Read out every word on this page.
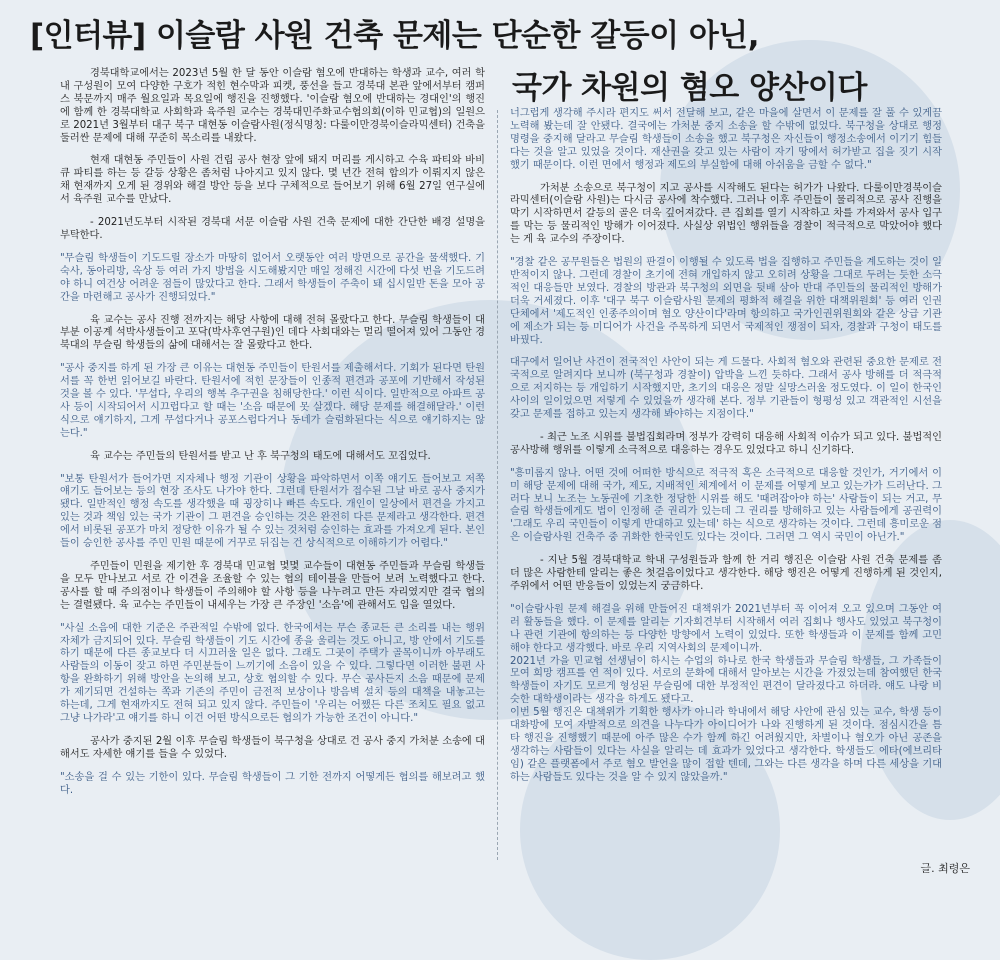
[인터뷰] 이슬람 사원 건축 문제는 단순한 갈등이 아닌,
국가 차원의 혐오 양산이다

경북대학교에서는 2023년 5월 한 달 동안 이슬람 혐오에 반대하는 학생과 교수, 여러 학내 구성원이 모여 다양한 구호가 적힌 현수막과 피켓, 풍선을 들고 경북대 본관 앞에서부터 캠퍼스 북문까지 매주 월요일과 목요일에 행진을 진행했다. '이슬람 혐오에 반대하는 경대인'의 행진에 함께 한 경북대학교 사회학과 육주원 교수는 경북대민주화교수협의회(이하 민교협)의 일원으로 2021년 3월부터 대구 북구 대현동 이슬람사원(정식명칭: 다룰이만경북이슬라믹센터) 건축을 둘러싼 문제에 대해 꾸준히 목소리를 내왔다.

현재 대현동 주민들이 사원 건립 공사 현장 앞에 돼지 머리를 게시하고 수육 파티와 바비큐 파티를 하는 등 갈등 상황은 좀처럼 나아지고 있지 않다. 몇 년간 전혀 합의가 이뤄지지 않은 채 현재까지 오게 된 경위와 해결 방안 등을 보다 구체적으로 들어보기 위해 6월 27일 연구실에서 육주원 교수를 만났다.

- 2021년도부터 시작된 경북대 서문 이슬람 사원 건축 문제에 대한 간단한 배경 설명을 부탁한다.

"무슬림 학생들이 기도드릴 장소가 마땅히 없어서 오랫동안 여러 방면으로 공간을 물색했다. 기숙사, 동아리방, 옥상 등 여러 가지 방법을 시도해봤지만 매일 정해진 시간에 다섯 번을 기도드려야 하니 여건상 어려운 점들이 많았다고 한다. 그래서 학생들이 주축이 돼 십시일반 돈을 모아 공간을 마련해고 공사가 진행되었다."

육 교수는 공사 진행 전까지는 해당 사항에 대해 전혀 몰랐다고 한다. 무슬림 학생들이 대부분 이공계 석박사생들이고 포닥(박사후연구원)인 데다 사회대와는 멀리 떨어져 있어 그동안 경북대의 무슬림 학생들의 삶에 대해서는 잘 몰랐다고 한다.

"공사 중지를 하게 된 가장 큰 이유는 대현동 주민들이 탄원서를 제출해서다. 기회가 된다면 탄원서를 꼭 한번 읽어보길 바란다. 탄원서에 적힌 문장들이 인종적 편견과 공포에 기반해서 작성된 것을 볼 수 있다. '무섭다, 우리의 행복 추구권을 침해당한다.' 이런 식이다. 일반적으로 아파트 공사 등이 시작되어서 시끄럽다고 할 때는 '소음 때문에 못 살겠다. 해당 문제를 해결해달라.' 이런 식으로 얘기하지, 그게 무섭다거나 공포스럽다거나 동네가 슬럼화된다는 식으로 얘기하지는 않는다."

육 교수는 주민들의 탄원서를 받고 난 후 북구청의 태도에 대해서도 꼬집었다.

"보통 탄원서가 들어가면 지자체나 행정 기관이 상황을 파악하면서 이쪽 얘기도 들어보고 저쪽 얘기도 들어보는 등의 현장 조사도 나가야 한다. 그런데 탄원서가 접수된 그날 바로 공사 중지가 됐다. 일반적인 행정 속도를 생각했을 때 굉장히나 빠른 속도다. 개인이 일상에서 편견을 가지고 있는 것과 책임 있는 국가 기관이 그 편견을 승인하는 것은 완전히 다른 문제라고 생각한다. 편견에서 비롯된 공포가 마치 정당한 이유가 될 수 있는 것처럼 승인하는 효과를 가져오게 된다. 본인들이 승인한 공사를 주민 민원 때문에 거꾸로 뒤집는 건 상식적으로 이해하기가 어렵다."

주민들이 민원을 제기한 후 경북대 민교협 몇몇 교수들이 대현동 주민들과 무슬림 학생들을 모두 만나보고 서로 간 이견을 조율할 수 있는 협의 테이블을 만들어 보려 노력했다고 한다. 공사를 할 때 주의점이나 학생들이 주의해야 할 사항 등을 나누려고 만든 자리였지만 결국 협의는 결렬됐다. 육 교수는 주민들이 내세우는 가장 큰 주장인 '소음'에 관해서도 입을 열었다.

"사실 소음에 대한 기준은 주관적일 수밖에 없다. 한국에서는 무슨 종교든 큰 소리를 내는 행위 자체가 금지되어 있다. 무슬림 학생들이 기도 시간에 종을 울리는 것도 아니고, 방 안에서 기도를 하기 때문에 다른 종교보다 더 시끄러울 일은 없다. 그래도 그곳이 주택가 골목이니까 아무래도 사람들의 이동이 잦고 하면 주민분들이 느끼기에 소음이 있을 수 있다. 그렇다면 이러한 불편 사항을 완화하기 위해 방안을 논의해 보고, 상호 협의할 수 있다. 무슨 공사든지 소음 때문에 문제가 제기되면 건설하는 쪽과 기존의 주민이 금전적 보상이나 방음벽 설치 등의 대책을 내놓고는 하는데, 그게 현재까지도 전혀 되고 있지 않다. 주민들이 '우리는 어쨌든 다른 조치도 필요 없고 그냥 나가라'고 얘기를 하니 이건 어떤 방식으로든 협의가 가능한 조건이 아니다."

공사가 중지된 2월 이후 무슬림 학생들이 북구청을 상대로 건 공사 중지 가처분 소송에 대해서도 자세한 얘기를 들을 수 있었다.

"소송을 걸 수 있는 기한이 있다. 무슬림 학생들이 그 기한 전까지 어떻게든 협의를 해보려고 했다.

너그럽게 생각해 주시라 편지도 써서 전달해 보고, 같은 마을에 살면서 이 문제를 잘 풀 수 있게끔 노력해 봤는데 잘 안됐다. 결국에는 가처분 중지 소송을 할 수밖에 없었다. 북구청을 상대로 행정명령을 중지해 달라고 무슬림 학생들이 소송을 했고 북구청은 자신들이 행정소송에서 이기기 힘들다는 것을 알고 있었을 것이다. 재산권을 갖고 있는 사람이 자기 땅에서 허가받고 집을 짓기 시작했기 때문이다. 이런 면에서 행정과 제도의 부실함에 대해 아쉬움을 금할 수 없다."

가처분 소송으로 북구청이 지고 공사를 시작해도 된다는 허가가 나왔다. 다룰이만경북이슬라믹센터(이슬람 사원)는 다시금 공사에 착수했다. 그러나 이후 주민들이 물리적으로 공사 진행을 막기 시작하면서 갈등의 골은 더욱 깊어져갔다. 큰 집회를 열기 시작하고 차를 가져와서 공사 입구를 막는 등 물리적인 방해가 이어졌다. 사실상 위법인 행위들을 경찰이 적극적으로 막았어야 했다는 게 육 교수의 주장이다.

"경찰 같은 공무원들은 법원의 판결이 이행될 수 있도록 법을 집행하고 주민들을 계도하는 것이 일반적이지 않나. 그런데 경찰이 초기에 전혀 개입하지 않고 오히려 상황을 그대로 두려는 듯한 소극적인 대응들만 보였다. 경찰의 방관과 북구청의 외면을 뒷배 삼아 반대 주민들의 물리적인 방해가 더욱 거세졌다. 이후 '대구 북구 이슬람사원 문제의 평화적 해결을 위한 대책위원회' 등 여러 인권 단체에서 '제도적인 인종주의이며 혐오 양산이다'라며 항의하고 국가인권위원회와 같은 상급 기관에 제소가 되는 등 미디어가 사건을 주목하게 되면서 국제적인 쟁점이 되자, 경찰과 구청이 태도를 바꿨다.

대구에서 일어난 사건이 전국적인 사안이 되는 게 드물다. 사회적 혐오와 관련된 중요한 문제로 전국적으로 알려지다 보니까 (북구청과 경찰이) 압박을 느낀 듯하다. 그래서 공사 방해를 더 적극적으로 저지하는 등 개입하기 시작했지만, 초기의 대응은 정말 실망스러울 정도였다. 이 일이 한국인 사이의 일이었으면 저렇게 수 있었을까 생각해 본다. 정부 기관들이 형평성 있고 객관적인 시선을 갖고 문제를 접하고 있는지 생각해 봐야하는 지점이다."

- 최근 노조 시위를 불법집회라며 정부가 강력히 대응해 사회적 이슈가 되고 있다. 불법적인 공사방해 행위를 이렇게 소극적으로 대응하는 경우도 있었다고 하니 신기하다.

"흥미롭지 않나. 어떤 것에 어떠한 방식으로 적극적 혹은 소극적으로 대응할 것인가, 거기에서 이미 해당 문제에 대해 국가, 제도, 지배적인 체계에서 이 문제를 어떻게 보고 있는가가 드러난다. 그러다 보니 노조는 노동권에 기초한 정당한 시위를 해도 '때려잡아야 하는' 사람들이 되는 거고, 무슬림 학생들에게도 법이 인정해 준 권리가 있는데 그 권리를 방해하고 있는 사람들에게 공권력이 '그래도 우리 국민들이 이렇게 반대하고 있는데' 하는 식으로 생각하는 것이다. 그런데 흥미로운 점은 이슬람사원 건축주 중 귀화한 한국인도 있다는 것이다. 그러면 그 역시 국민이 아닌가."

- 지난 5월 경북대학교 학내 구성원들과 함께 한 거리 행진은 이슬람 사원 건축 문제를 좀 더 많은 사람한테 알리는 좋은 첫걸음이었다고 생각한다. 해당 행진은 어떻게 진행하게 된 것인지, 주위에서 어떤 반응들이 있었는지 궁금하다.

"이슬람사원 문제 해결을 위해 만들어진 대책위가 2021년부터 꼭 이어져 오고 있으며 그동안 여러 활동들을 했다. 이 문제를 알리는 기자회견부터 시작해서 여러 집회나 행사도 있었고 북구청이나 관련 기관에 항의하는 등 다양한 방향에서 노력이 있었다. 또한 학생들과 이 문제를 함께 고민해야 한다고 생각했다. 바로 우리 지역사회의 문제이니까.
2021년 가을 민교협 선생님이 하시는 수업의 하나로 한국 학생들과 무슬림 학생들, 그 가족들이 모여 희망 캠프를 연 적이 있다. 서로의 문화에 대해서 알아보는 시간을 가졌었는데 참여했던 한국 학생들이 자기도 모르게 형성된 무슬림에 대한 부정적인 편견이 달라졌다고 하더라. 얘도 나랑 비슷한 대학생이라는 생각을 하게도 됐다고.
이번 5월 행진은 대책위가 기획한 행사가 아니라 학내에서 해당 사안에 관심 있는 교수, 학생 등이 대화방에 모여 자발적으로 의견을 나누다가 아이디어가 나와 진행하게 된 것이다. 점심시간을 틈타 행진을 진행했기 때문에 아주 많은 수가 함께 하긴 어려웠지만, 차별이나 혐오가 아닌 공존을 생각하는 사람들이 있다는 사실을 알리는 데 효과가 있었다고 생각한다. 학생들도 에타(에브리타임) 같은 플랫폼에서 주로 혐오 발언을 많이 접할 텐데, 그와는 다른 생각을 하며 다른 세상을 기대하는 사람들도 있다는 것을 알 수 있지 않았을까."

글. 최령은
